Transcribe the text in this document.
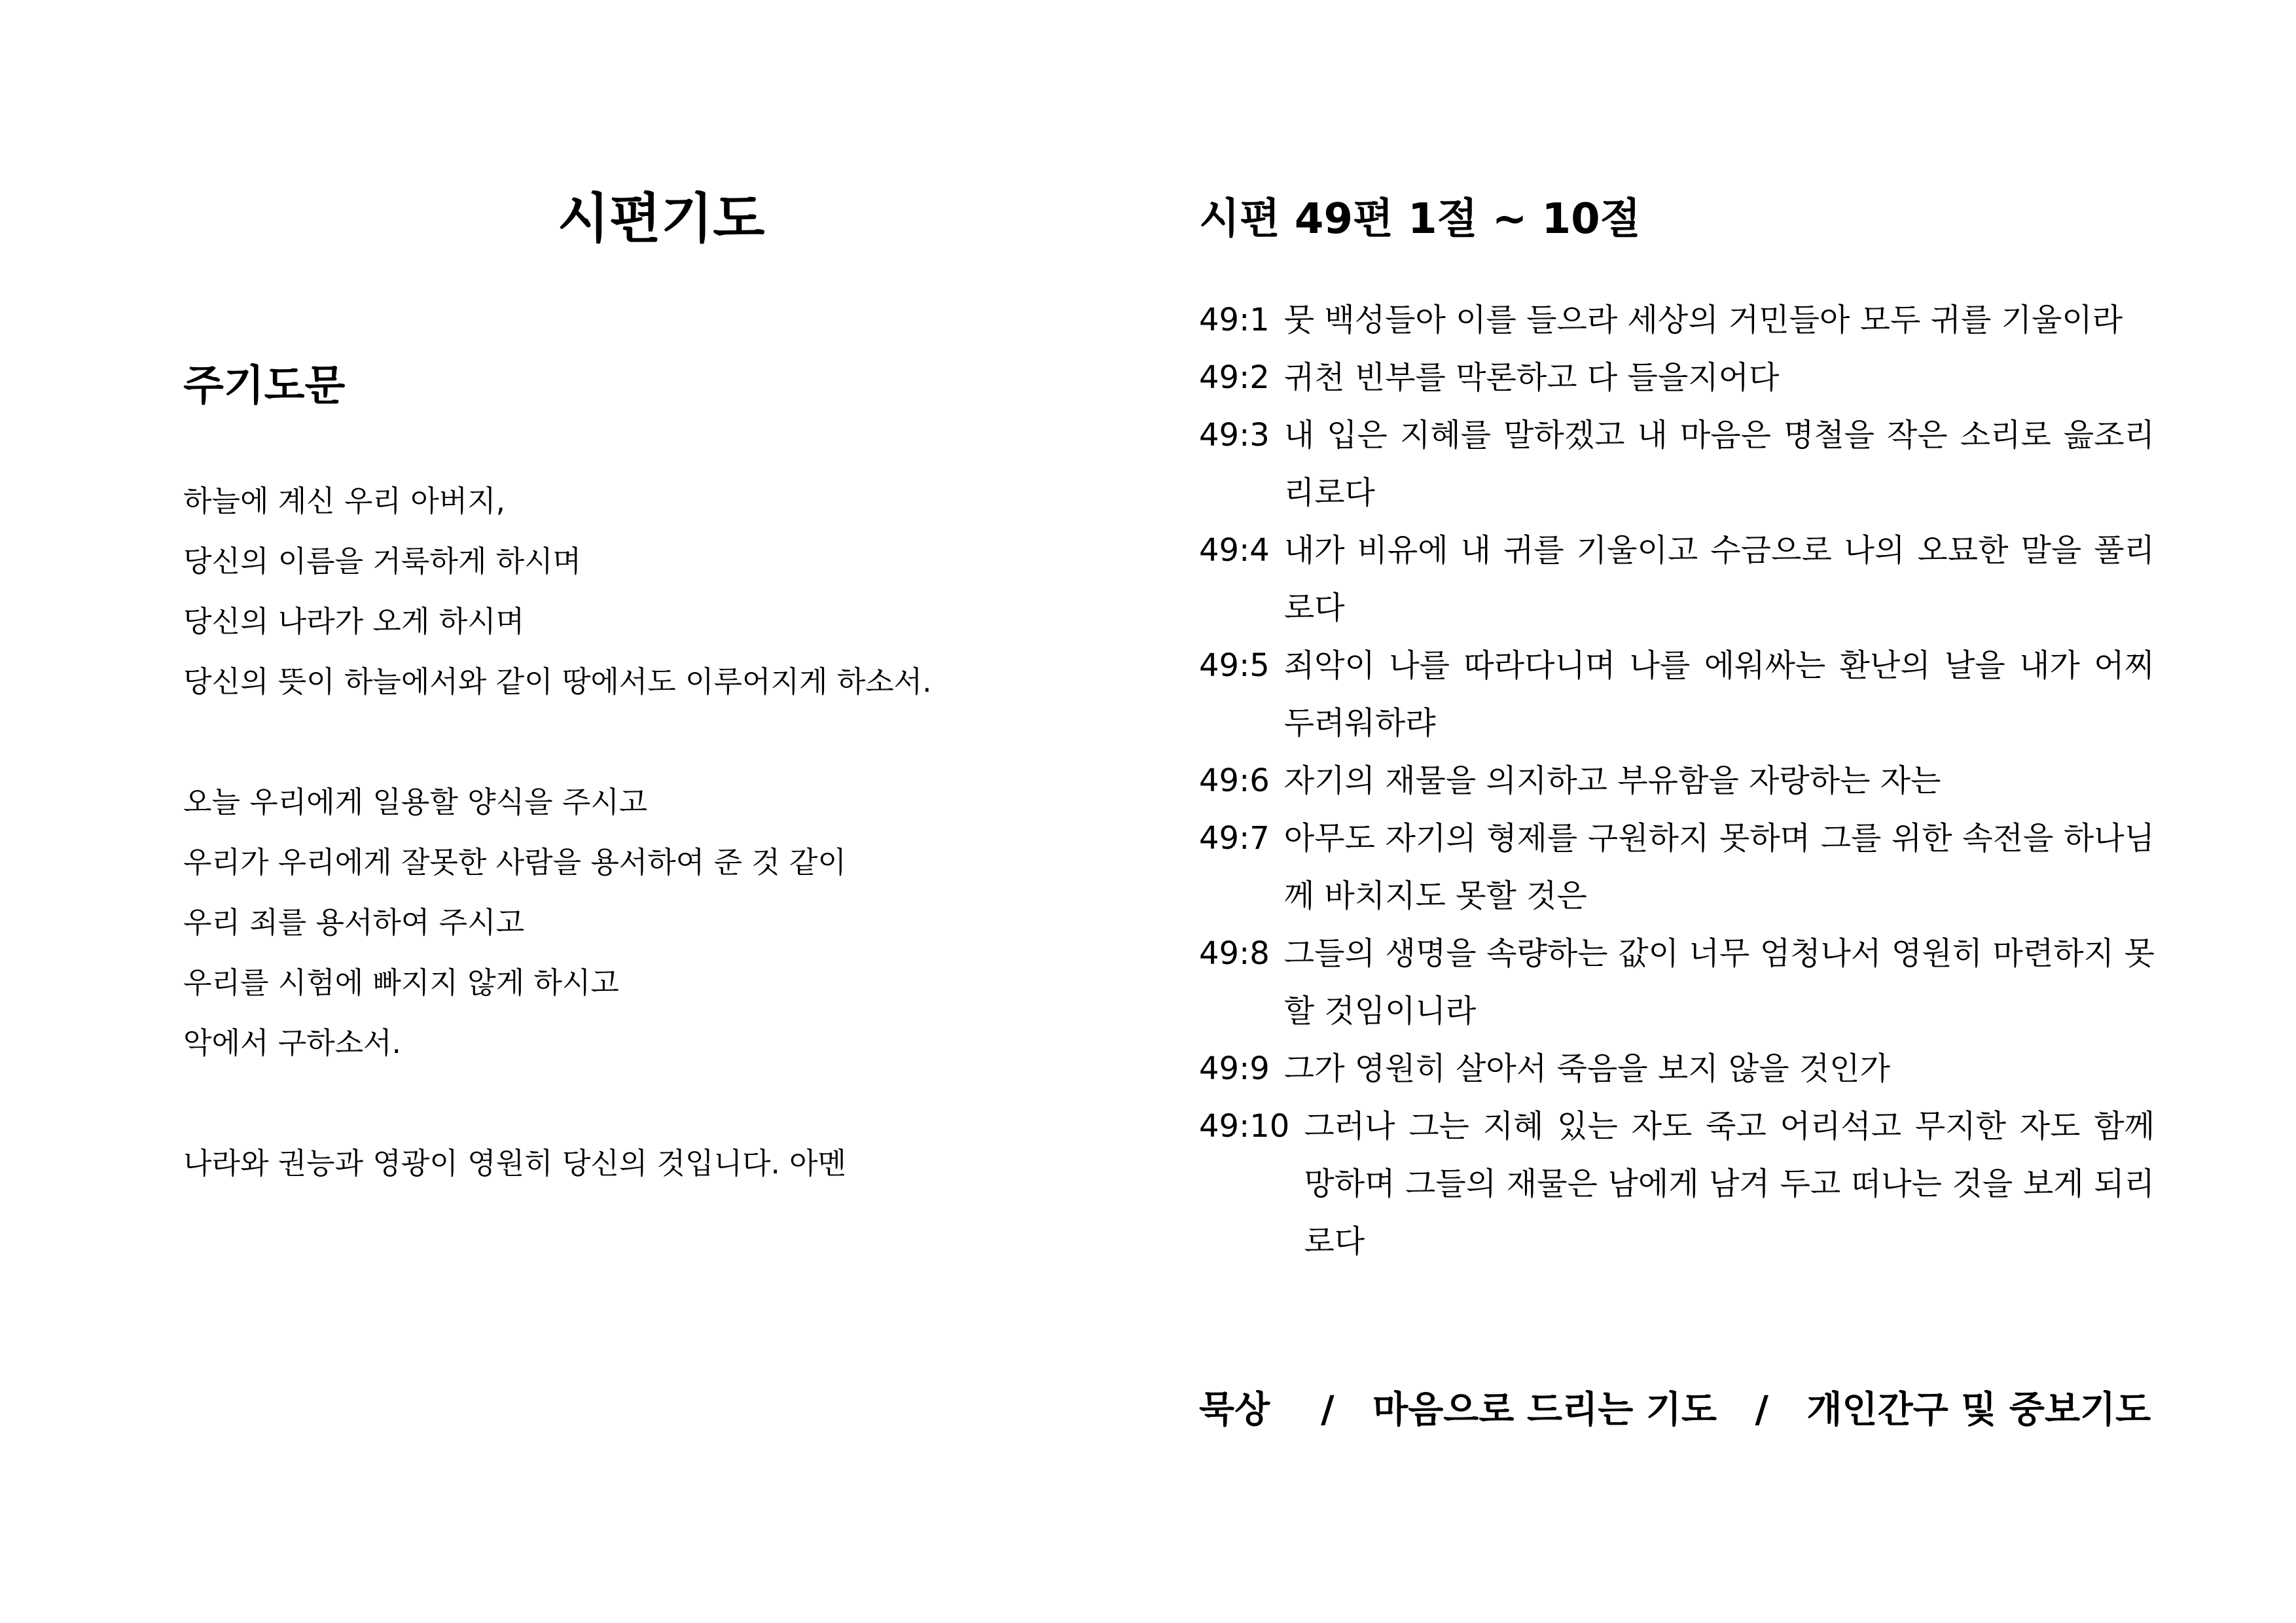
시편기도
주기도문
하늘에 계신 우리 아버지,
당신의 이름을 거룩하게 하시며
당신의 나라가 오게 하시며
당신의 뜻이 하늘에서와 같이 땅에서도 이루어지게 하소서.
오늘 우리에게 일용할 양식을 주시고
우리가 우리에게 잘못한 사람을 용서하여 준 것 같이
우리 죄를 용서하여 주시고
우리를 시험에 빠지지 않게 하시고
악에서 구하소서.
나라와 권능과 영광이 영원히 당신의 것입니다. 아멘
시편 49편 1절 ~ 10절
49:1 뭇 백성들아 이를 들으라 세상의 거민들아 모두 귀를 기울이라
49:2 귀천 빈부를 막론하고 다 들을지어다
49:3 내 입은 지혜를 말하겠고 내 마음은 명철을 작은 소리로 읊조리리로다
49:4 내가 비유에 내 귀를 기울이고 수금으로 나의 오묘한 말을 풀리로다
49:5 죄악이 나를 따라다니며 나를 에워싸는 환난의 날을 내가 어찌 두려워하랴
49:6 자기의 재물을 의지하고 부유함을 자랑하는 자는
49:7 아무도 자기의 형제를 구원하지 못하며 그를 위한 속전을 하나님께 바치지도 못할 것은
49:8 그들의 생명을 속량하는 값이 너무 엄청나서 영원히 마련하지 못할 것임이니라
49:9 그가 영원히 살아서 죽음을 보지 않을 것인가
49:10 그러나 그는 지혜 있는 자도 죽고 어리석고 무지한 자도 함께 망하며 그들의 재물은 남에게 남겨 두고 떠나는 것을 보게 되리로다
묵상    /   마음으로 드리는 기도   /   개인간구 및 중보기도
